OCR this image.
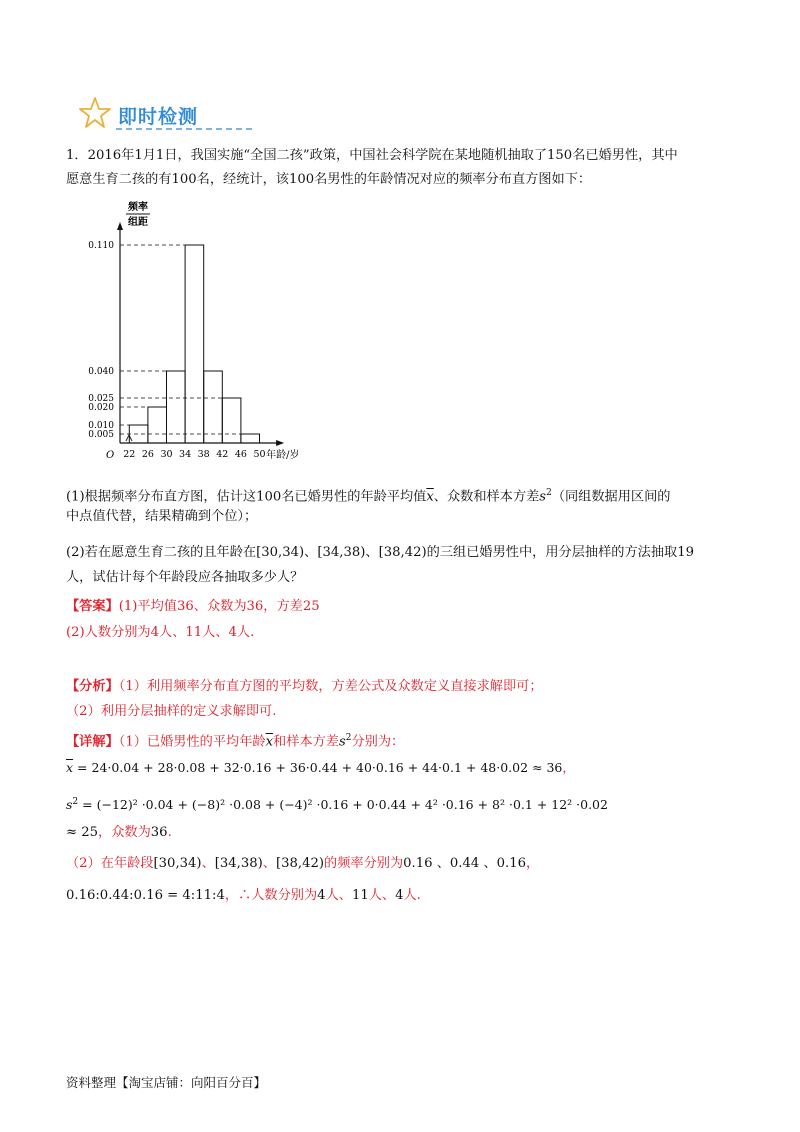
即时检测
1．2016年1月1日，我国实施“全国二孩”政策，中国社会科学院在某地随机抽取了150名已婚男性，其中
愿意生育二孩的有100名，经统计，该100名男性的年龄情况对应的频率分布直方图如下：
频率
组距
0.110
0.040
0.025
0.020
0.010
0.005
22 26 30 34 38 42 46 50
O	年龄/岁
(1)根据频率分布直方图，估计这100名已婚男性的年龄平均值$\overline{x}$、众数和样本方差$s^2$（同组数据用区间的
中点值代替，结果精确到个位）；
(2)若在愿意生育二孩的且年龄在[30,34)、[34,38)、[38,42)的三组已婚男性中，用分层抽样的方法抽取19
人，试估计每个年龄段应各抽取多少人？
【答案】(1)平均值36、众数为36，方差25
(2)人数分别为4人、11人、4人.
【分析】（1）利用频率分布直方图的平均数，方差公式及众数定义直接求解即可；
（2）利用分层抽样的定义求解即可.
【详解】（1）已婚男性的平均年龄$\overline{x}$和样本方差$s^2$分别为：
$\overline{x} = 24\cdot 0.04 + 28\cdot 0.08 + 32\cdot 0.16 + 36\cdot 0.44 + 40\cdot 0.16 + 44\cdot 0.1 + 48\cdot 0.02 \approx 36$，
$s^2 = (-12)^2 \cdot 0.04 + (-8)^2 \cdot 0.08 + (-4)^2 \cdot 0.16 + 0\cdot 0.44 + 4^2 \cdot 0.16 + 8^2 \cdot 0.1 + 12^2 \cdot 0.02$
≈ 25，众数为36.
（2）在年龄段[30,34)、[34,38)、[38,42)的频率分别为0.16 、0.44 、0.16，
0.16:0.44:0.16 = 4:11:4，∴人数分别为4人、11人、4人.
资料整理【淘宝店铺：向阳百分百】
